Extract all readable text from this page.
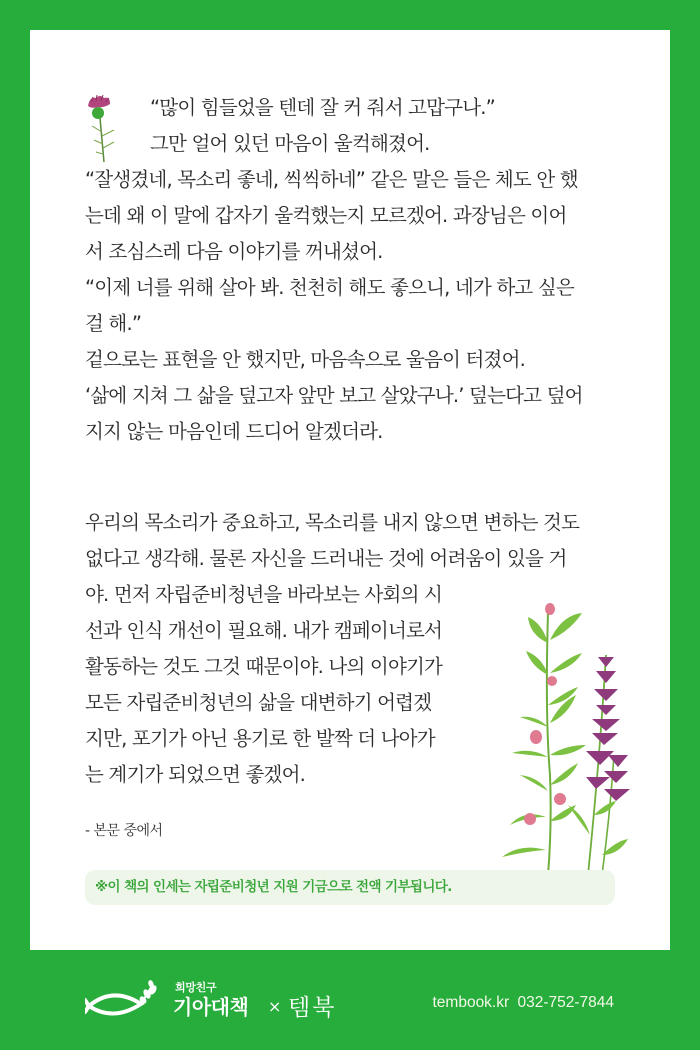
“많이 힘들었을 텐데 잘 커 줘서 고맙구나.”
그만 얼어 있던 마음이 울컥해졌어.
“잘생겼네, 목소리 좋네, 씩씩하네” 같은 말은 들은 체도 안 했
는데 왜 이 말에 갑자기 울컥했는지 모르겠어. 과장님은 이어
서 조심스레 다음 이야기를 꺼내셨어.
“이제 너를 위해 살아 봐. 천천히 해도 좋으니, 네가 하고 싶은
걸 해.”
겉으로는 표현을 안 했지만, 마음속으로 울음이 터졌어.
‘삶에 지쳐 그 삶을 덮고자 앞만 보고 살았구나.’ 덮는다고 덮어
지지 않는 마음인데 드디어 알겠더라.
우리의 목소리가 중요하고, 목소리를 내지 않으면 변하는 것도
없다고 생각해. 물론 자신을 드러내는 것에 어려움이 있을 거
야. 먼저 자립준비청년을 바라보는 사회의 시
선과 인식 개선이 필요해. 내가 캠페이너로서
활동하는 것도 그것 때문이야. 나의 이야기가
모든 자립준비청년의 삶을 대변하기 어렵겠
지만, 포기가 아닌 용기로 한 발짝 더 나아가
는 계기가 되었으면 좋겠어.
- 본문 중에서
※이 책의 인세는 자립준비청년 지원 기금으로 전액 기부됩니다.
희망친구
기아대책 × 템북	tembook.kr 032-752-7844
